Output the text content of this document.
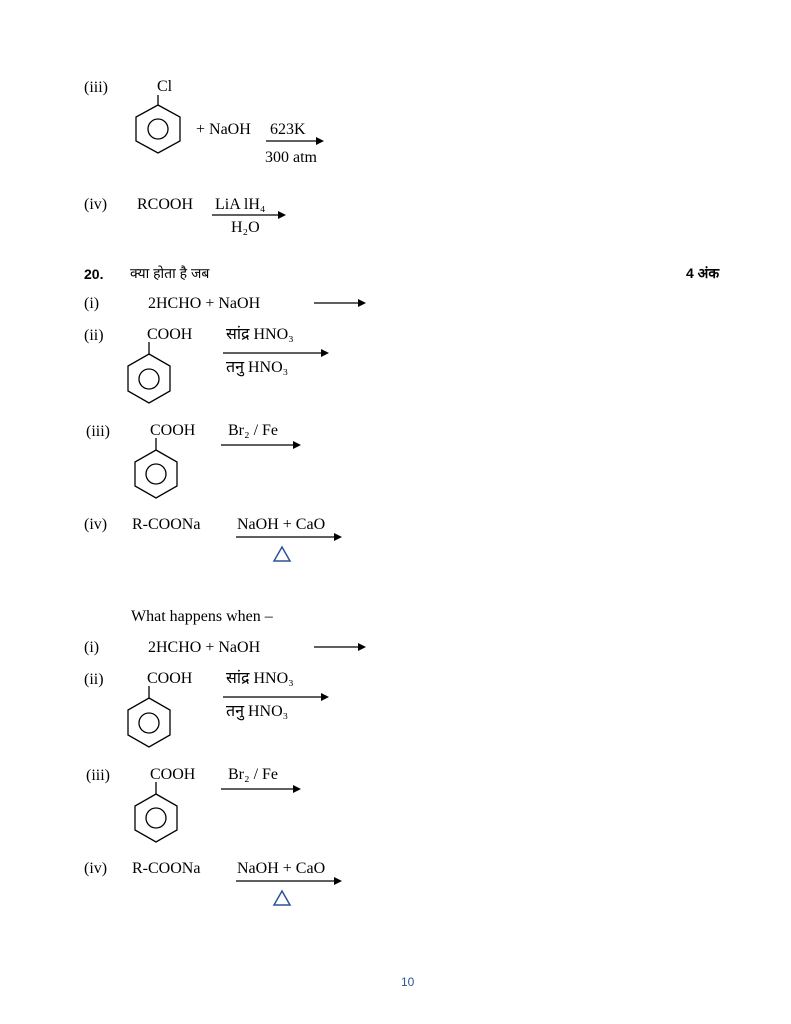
(iii)	Cl
+ NaOH 623K
300 atm
(iv) RCOOH LiA lH₄
H₂O
20. क्या होता है जब	4 अंक
(i)	2HCHO + NaOH
(ii)	COOH सांद्र HNO₃
तनु HNO₃
(iii)	COOH Br₂ / Fe
(iv) R-COONa NaOH + CaO
What happens when –
(i)	2HCHO + NaOH
(ii)	COOH सांद्र HNO₃
तनु HNO₃
(iii)	COOH Br₂ / Fe
(iv) R-COONa NaOH + CaO
10
